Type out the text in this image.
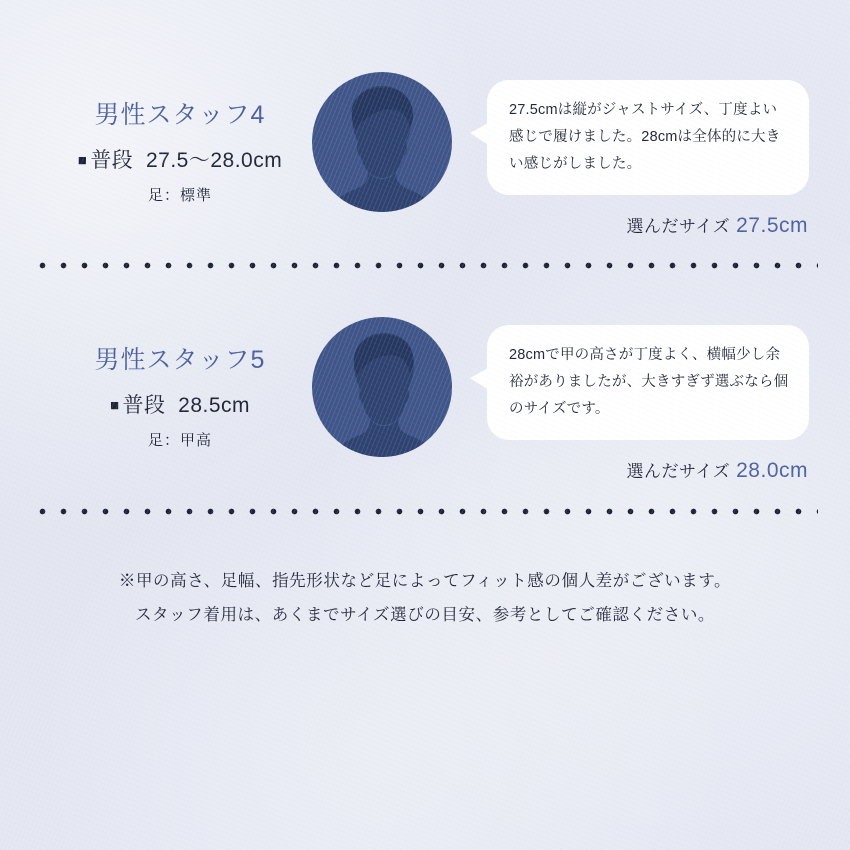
男性スタッフ4
■ 普段 27.5〜28.0cm
足：標準
27.5cmは縦がジャストサイズ、丁度よい感じで履けました。28cmは全体的に大きい感じがしました。
選んだサイズ 27.5cm
男性スタッフ5
■ 普段 28.5cm
足：甲高
28cmで甲の高さが丁度よく、横幅少し余裕がありましたが、大きすぎず選ぶなら個のサイズです。
選んだサイズ 28.0cm
※甲の高さ、足幅、指先形状など足によってフィット感の個人差がございます。
スタッフ着用は、あくまでサイズ選びの目安、参考としてご確認ください。
